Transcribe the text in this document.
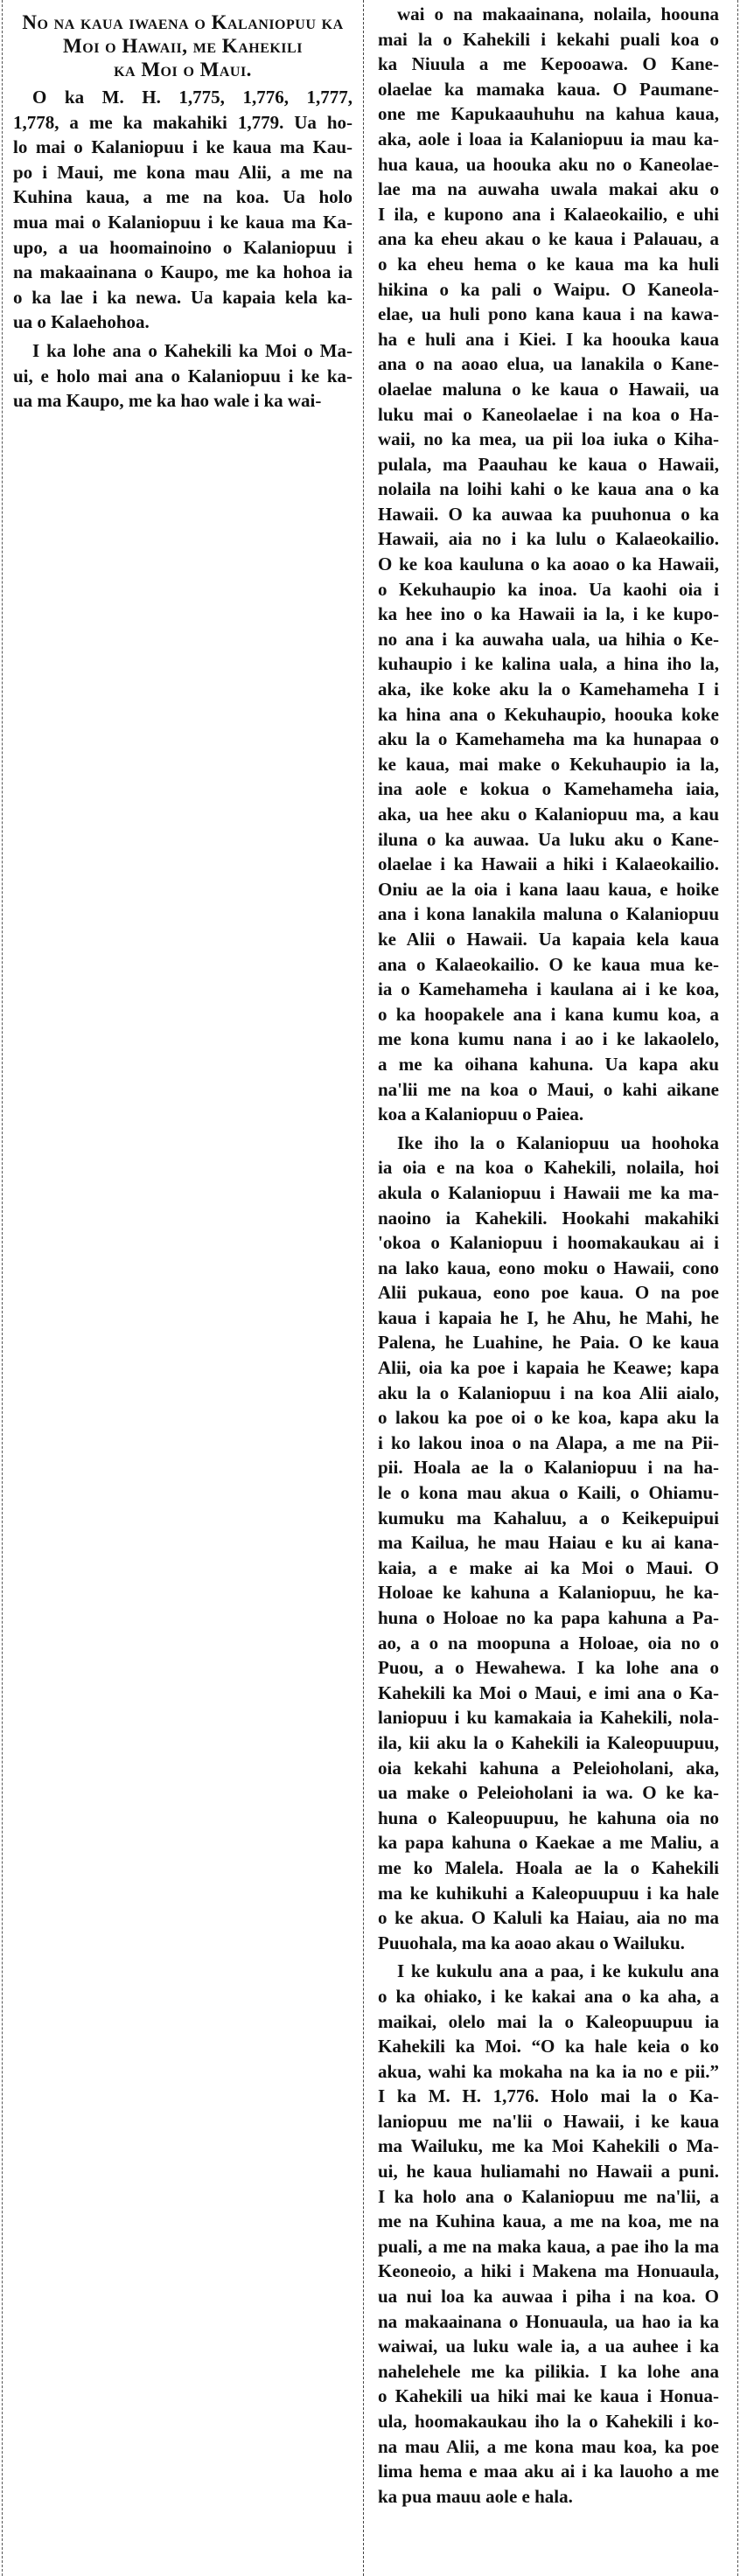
No na kaua iwaena o Kalaniopuu ka
Moi o Hawaii, me Kahekili
ka Moi o Maui.
O ka M. H. 1,775, 1,776, 1,777,
1,778, a me ka makahiki 1,779. Ua ho-
lo mai o Kalaniopuu i ke kaua ma Kau-
po i Maui, me kona mau Alii, a me na
Kuhina kaua, a me na koa. Ua holo
mua mai o Kalaniopuu i ke kaua ma Ka-
upo, a ua hoomainoino o Kalaniopuu i
na makaainana o Kaupo, me ka hohoa ia
o ka lae i ka newa. Ua kapaia kela ka-
ua o Kalaehohoa.
I ka lohe ana o Kahekili ka Moi o Ma-
ui, e holo mai ana o Kalaniopuu i ke ka-
ua ma Kaupo, me ka hao wale i ka wai-
wai o na makaainana, nolaila, hoouna
mai la o Kahekili i kekahi puali koa o
ka Niuula a me Kepooawa. O Kane-
olaelae ka mamaka kaua. O Paumane-
one me Kapukaauhuhu na kahua kaua,
aka, aole i loaa ia Kalaniopuu ia mau ka-
hua kaua, ua hoouka aku no o Kaneolae-
lae ma na auwaha uwala makai aku o
I ila, e kupono ana i Kalaeokailio, e uhi
ana ka eheu akau o ke kaua i Palauau, a
o ka eheu hema o ke kaua ma ka huli
hikina o ka pali o Waipu. O Kaneola-
elae, ua huli pono kana kaua i na kawa-
ha e huli ana i Kiei. I ka hoouka kaua
ana o na aoao elua, ua lanakila o Kane-
olaelae maluna o ke kaua o Hawaii, ua
luku mai o Kaneolaelae i na koa o Ha-
waii, no ka mea, ua pii loa iuka o Kiha-
pulala, ma Paauhau ke kaua o Hawaii,
nolaila na loihi kahi o ke kaua ana o ka
Hawaii. O ka auwaa ka puuhonua o ka
Hawaii, aia no i ka lulu o Kalaeokailio.
O ke koa kauluna o ka aoao o ka Hawaii,
o Kekuhaupio ka inoa. Ua kaohi oia i
ka hee ino o ka Hawaii ia la, i ke kupo-
no ana i ka auwaha uala, ua hihia o Ke-
kuhaupio i ke kalina uala, a hina iho la,
aka, ike koke aku la o Kamehameha I i
ka hina ana o Kekuhaupio, hoouka koke
aku la o Kamehameha ma ka hunapaa o
ke kaua, mai make o Kekuhaupio ia la,
ina aole e kokua o Kamehameha iaia,
aka, ua hee aku o Kalaniopuu ma, a kau
iluna o ka auwaa. Ua luku aku o Kane-
olaelae i ka Hawaii a hiki i Kalaeokailio.
Oniu ae la oia i kana laau kaua, e hoike
ana i kona lanakila maluna o Kalaniopuu
ke Alii o Hawaii. Ua kapaia kela kaua
ana o Kalaeokailio. O ke kaua mua ke-
ia o Kamehameha i kaulana ai i ke koa,
o ka hoopakele ana i kana kumu koa, a
me kona kumu nana i ao i ke lakaolelo,
a me ka oihana kahuna. Ua kapa aku
na'lii me na koa o Maui, o kahi aikane
koa a Kalaniopuu o Paiea.
Ike iho la o Kalaniopuu ua hoohoka
ia oia e na koa o Kahekili, nolaila, hoi
akula o Kalaniopuu i Hawaii me ka ma-
naoino ia Kahekili. Hookahi makahiki
'okoa o Kalaniopuu i hoomakaukau ai i
na lako kaua, eono moku o Hawaii, cono
Alii pukaua, eono poe kaua. O na poe
kaua i kapaia he I, he Ahu, he Mahi, he
Palena, he Luahine, he Paia. O ke kaua
Alii, oia ka poe i kapaia he Keawe; kapa
aku la o Kalaniopuu i na koa Alii aialo,
o lakou ka poe oi o ke koa, kapa aku la
i ko lakou inoa o na Alapa, a me na Pii-
pii. Hoala ae la o Kalaniopuu i na ha-
le o kona mau akua o Kaili, o Ohiamu-
kumuku ma Kahaluu, a o Keikepuipui
ma Kailua, he mau Haiau e ku ai kana-
kaia, a e make ai ka Moi o Maui. O
Holoae ke kahuna a Kalaniopuu, he ka-
huna o Holoae no ka papa kahuna a Pa-
ao, a o na moopuna a Holoae, oia no o
Puou, a o Hewahewa. I ka lohe ana o
Kahekili ka Moi o Maui, e imi ana o Ka-
laniopuu i ku kamakaia ia Kahekili, nola-
ila, kii aku la o Kahekili ia Kaleopuupuu,
oia kekahi kahuna a Peleioholani, aka,
ua make o Peleioholani ia wa. O ke ka-
huna o Kaleopuupuu, he kahuna oia no
ka papa kahuna o Kaekae a me Maliu, a
me ko Malela. Hoala ae la o Kahekili
ma ke kuhikuhi a Kaleopuupuu i ka hale
o ke akua. O Kaluli ka Haiau, aia no ma
Puuohala, ma ka aoao akau o Wailuku.
I ke kukulu ana a paa, i ke kukulu ana
o ka ohiako, i ke kakai ana o ka aha, a
maikai, olelo mai la o Kaleopuupuu ia
Kahekili ka Moi. “O ka hale keia o ko
akua, wahi ka mokaha na ka ia no e pii.”
I ka M. H. 1,776. Holo mai la o Ka-
laniopuu me na'lii o Hawaii, i ke kaua
ma Wailuku, me ka Moi Kahekili o Ma-
ui, he kaua huliamahi no Hawaii a puni.
I ka holo ana o Kalaniopuu me na'lii, a
me na Kuhina kaua, a me na koa, me na
puali, a me na maka kaua, a pae iho la ma
Keoneoio, a hiki i Makena ma Honuaula,
ua nui loa ka auwaa i piha i na koa. O
na makaainana o Honuaula, ua hao ia ka
waiwai, ua luku wale ia, a ua auhee i ka
nahelehele me ka pilikia. I ka lohe ana
o Kahekili ua hiki mai ke kaua i Honua-
ula, hoomakaukau iho la o Kahekili i ko-
na mau Alii, a me kona mau koa, ka poe
lima hema e maa aku ai i ka lauoho a me
ka pua mauu aole e hala.
